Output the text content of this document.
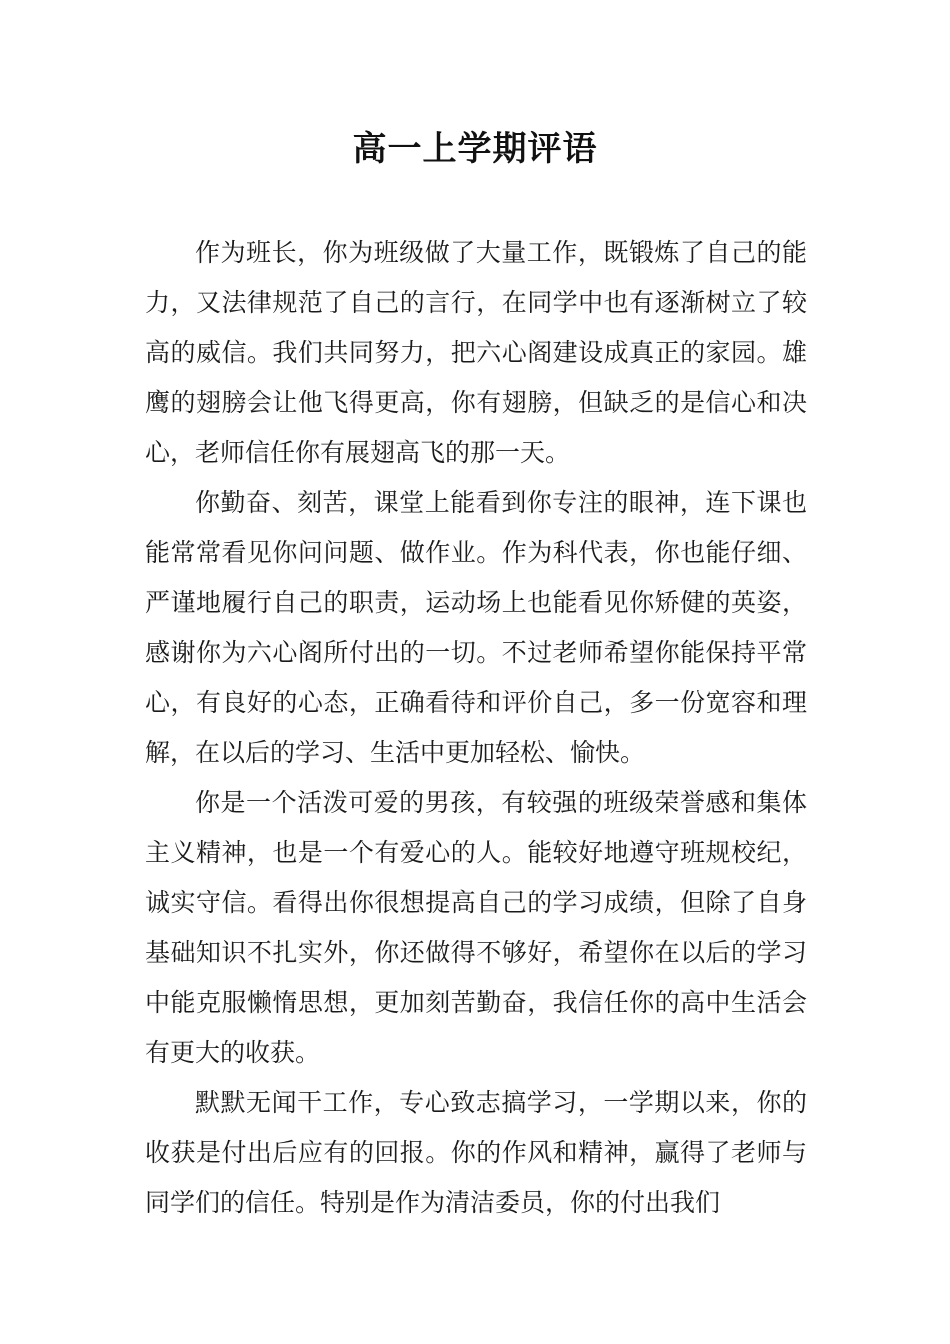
高一上学期评语

作为班长，你为班级做了大量工作，既锻炼了自己的能力，又法律规范了自己的言行，在同学中也有逐渐树立了较高的威信。我们共同努力，把六心阁建设成真正的家园。雄鹰的翅膀会让他飞得更高，你有翅膀，但缺乏的是信心和决心，老师信任你有展翅高飞的那一天。

你勤奋、刻苦，课堂上能看到你专注的眼神，连下课也能常常看见你问问题、做作业。作为科代表，你也能仔细、严谨地履行自己的职责，运动场上也能看见你矫健的英姿，感谢你为六心阁所付出的一切。不过老师希望你能保持平常心，有良好的心态，正确看待和评价自己，多一份宽容和理解，在以后的学习、生活中更加轻松、愉快。

你是一个活泼可爱的男孩，有较强的班级荣誉感和集体主义精神，也是一个有爱心的人。能较好地遵守班规校纪，诚实守信。看得出你很想提高自己的学习成绩，但除了自身基础知识不扎实外，你还做得不够好，希望你在以后的学习中能克服懒惰思想，更加刻苦勤奋，我信任你的高中生活会有更大的收获。

默默无闻干工作，专心致志搞学习，一学期以来，你的收获是付出后应有的回报。你的作风和精神，赢得了老师与同学们的信任。特别是作为清洁委员，你的付出我们
